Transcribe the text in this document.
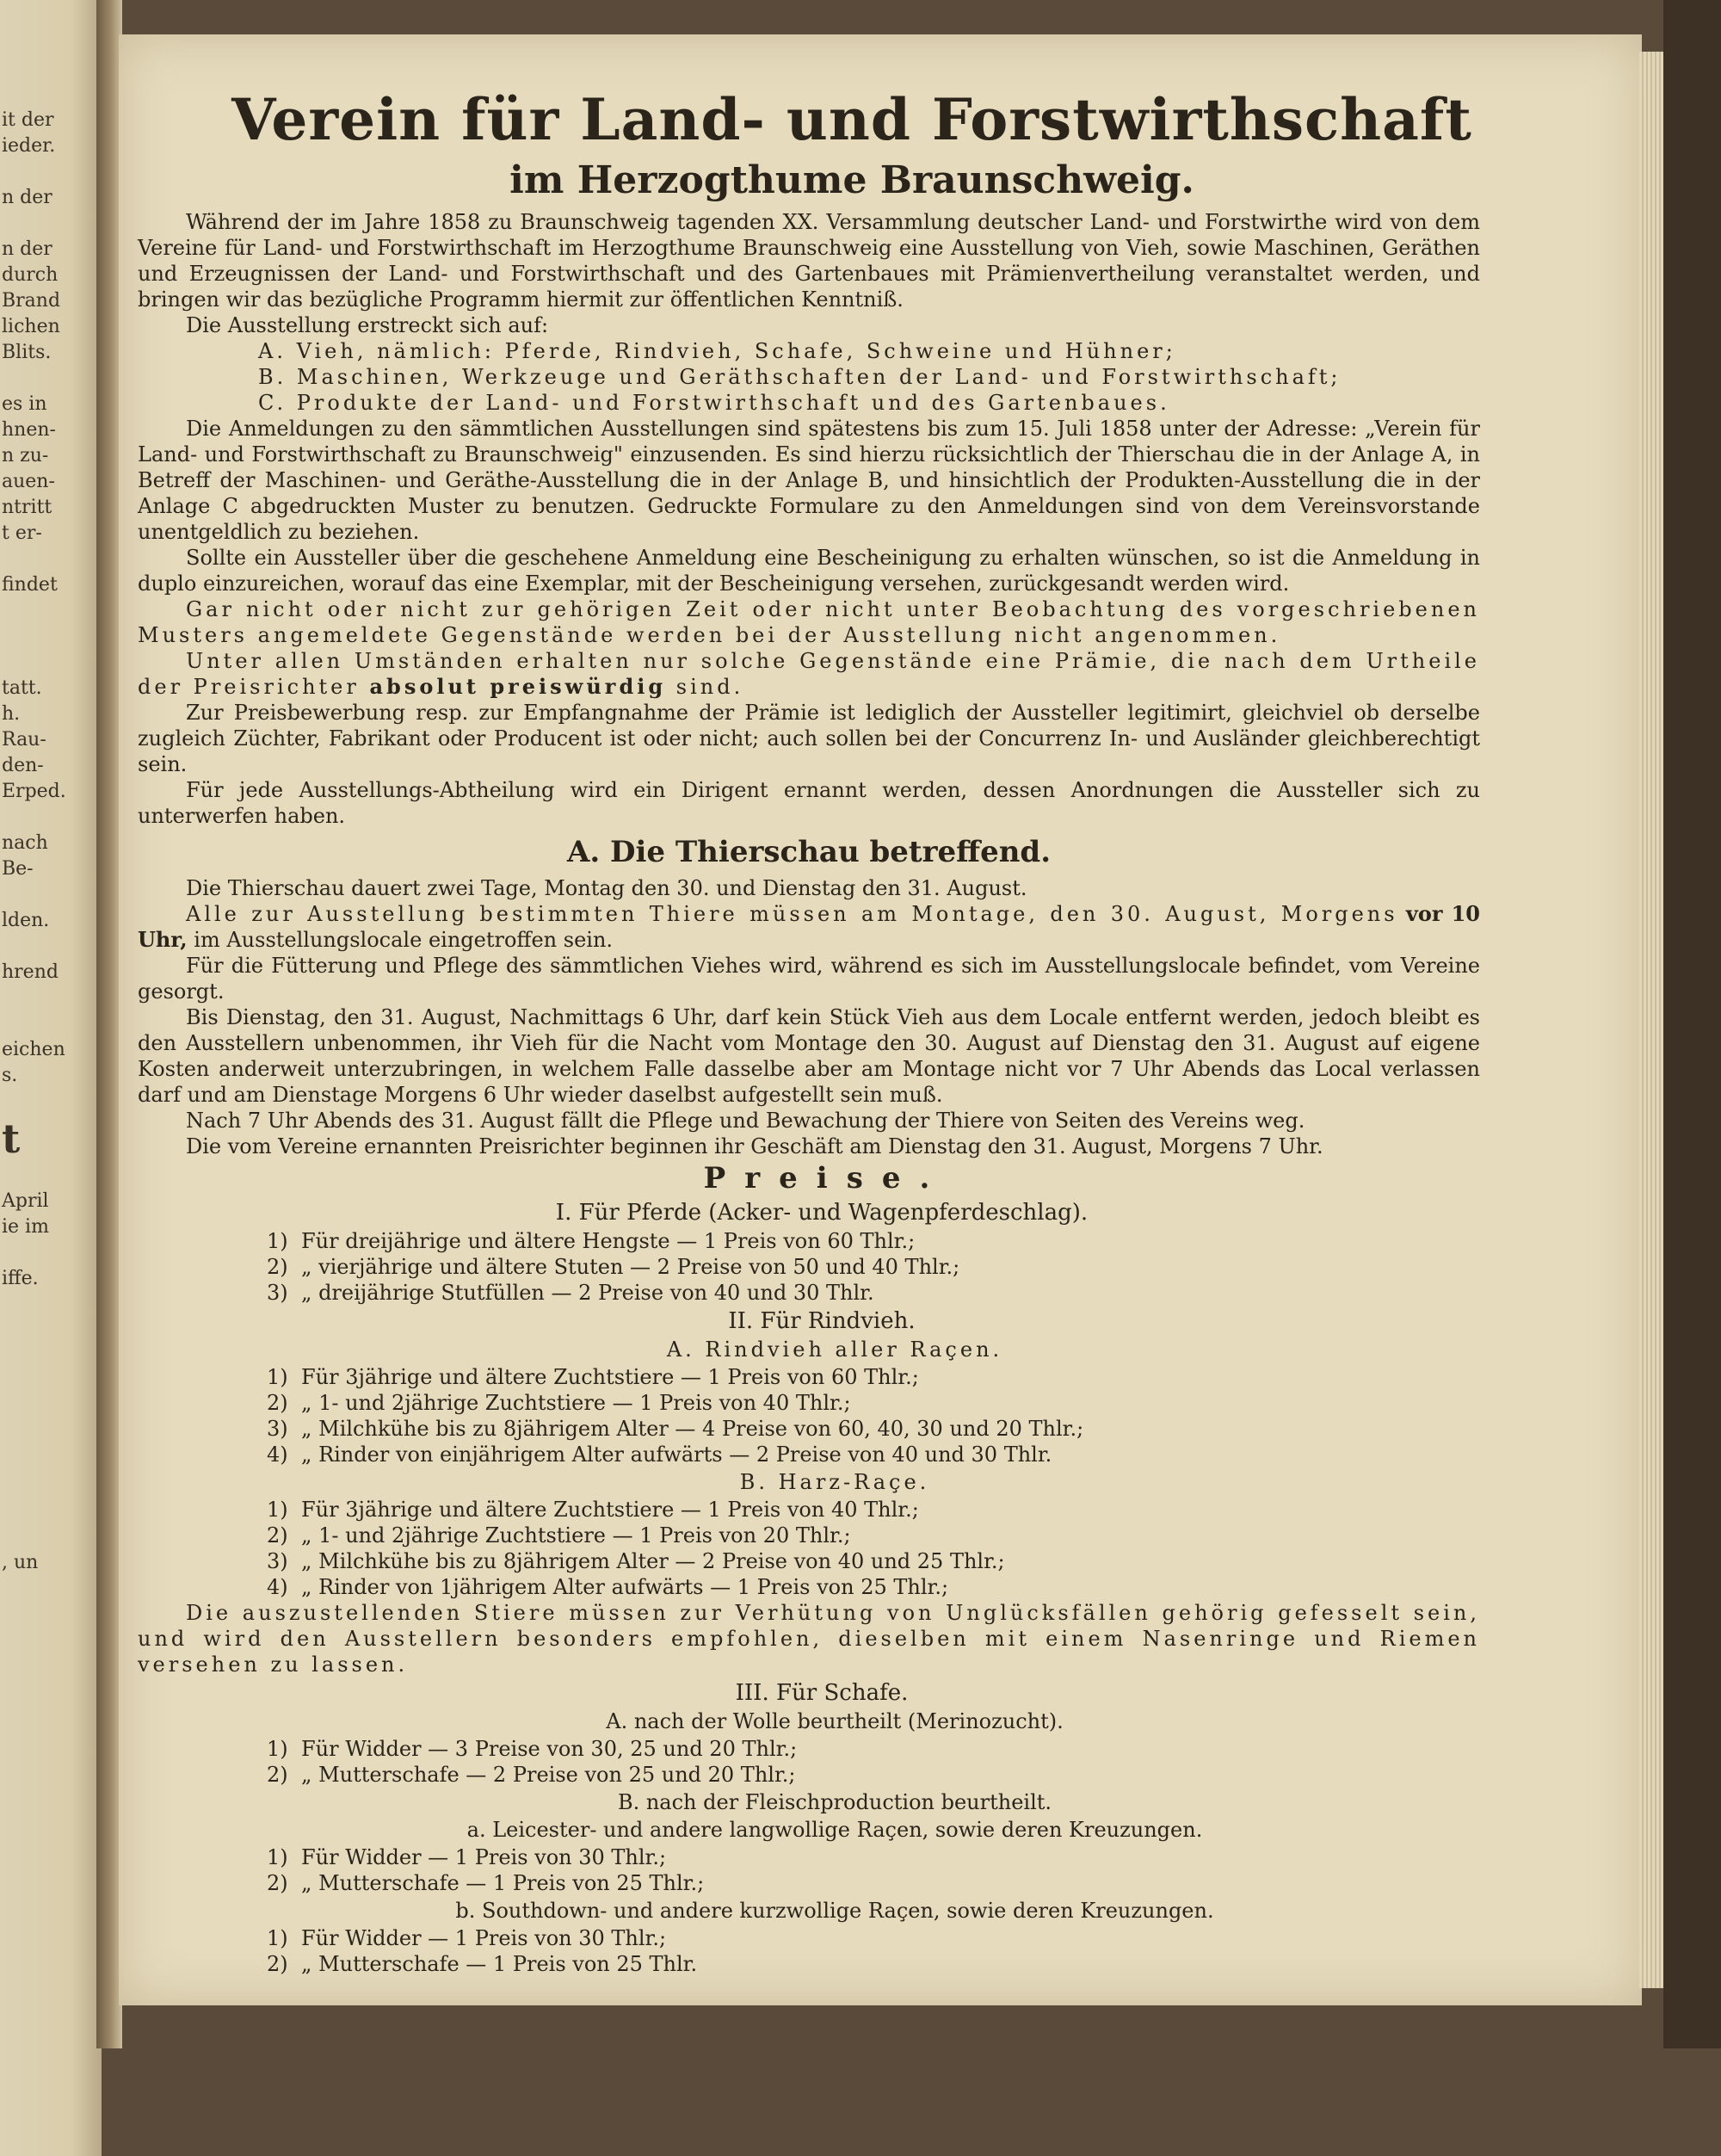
it der
ieder.

n der

n der
durch
Brand
lichen
Blits.

es in
hnen-
n zu-
auen-
ntritt
t er-

findet

tatt.
h.
Rau-
den-
Erped.

nach
Be-

lden.

hrend

eichen
s.

t

April
ie im

iffe.

, un
Verein für Land- und Forstwirthschaft
im Herzogthume Braunschweig.

Während der im Jahre 1858 zu Braunschweig tagenden XX. Versammlung deutscher Land- und Forstwirthe wird von dem Vereine für Land- und Forstwirthschaft im Herzogthume Braunschweig eine Ausstellung von Vieh, sowie Maschinen, Geräthen und Erzeugnissen der Land- und Forstwirthschaft und des Gartenbaues mit Prämienvertheilung veranstaltet werden, und bringen wir das bezügliche Programm hiermit zur öffentlichen Kenntniß.

Die Ausstellung erstreckt sich auf:

A. Vieh, nämlich: Pferde, Rindvieh, Schafe, Schweine und Hühner;
B. Maschinen, Werkzeuge und Geräthschaften der Land- und Forstwirthschaft;
C. Produkte der Land- und Forstwirthschaft und des Gartenbaues.

Die Anmeldungen zu den sämmtlichen Ausstellungen sind spätestens bis zum 15. Juli 1858 unter der Adresse: „Verein für Land- und Forstwirthschaft zu Braunschweig" einzusenden. Es sind hierzu rücksichtlich der Thierschau die in der Anlage A, in Betreff der Maschinen- und Geräthe-Ausstellung die in der Anlage B, und hinsichtlich der Produkten-Ausstellung die in der Anlage C abgedruckten Muster zu benutzen. Gedruckte Formulare zu den Anmeldungen sind von dem Vereinsvorstande unentgeldlich zu beziehen.

Sollte ein Aussteller über die geschehene Anmeldung eine Bescheinigung zu erhalten wünschen, so ist die Anmeldung in duplo einzureichen, worauf das eine Exemplar, mit der Bescheinigung versehen, zurückgesandt werden wird.

Gar nicht oder nicht zur gehörigen Zeit oder nicht unter Beobachtung des vorgeschriebenen Musters angemeldete Gegenstände werden bei der Ausstellung nicht angenommen.

Unter allen Umständen erhalten nur solche Gegenstände eine Prämie, die nach dem Urtheile der Preisrichter absolut preiswürdig sind.

Zur Preisbewerbung resp. zur Empfangnahme der Prämie ist lediglich der Aussteller legitimirt, gleichviel ob derselbe zugleich Züchter, Fabrikant oder Producent ist oder nicht; auch sollen bei der Concurrenz In- und Ausländer gleichberechtigt sein.

Für jede Ausstellungs-Abtheilung wird ein Dirigent ernannt werden, dessen Anordnungen die Aussteller sich zu unterwerfen haben.

A. Die Thierschau betreffend.

Die Thierschau dauert zwei Tage, Montag den 30. und Dienstag den 31. August.

Alle zur Ausstellung bestimmten Thiere müssen am Montage, den 30. August, Morgens vor 10 Uhr, im Ausstellungslocale eingetroffen sein.

Für die Fütterung und Pflege des sämmtlichen Viehes wird, während es sich im Ausstellungslocale befindet, vom Vereine gesorgt.

Bis Dienstag, den 31. August, Nachmittags 6 Uhr, darf kein Stück Vieh aus dem Locale entfernt werden, jedoch bleibt es den Ausstellern unbenommen, ihr Vieh für die Nacht vom Montage den 30. August auf Dienstag den 31. August auf eigene Kosten anderweit unterzubringen, in welchem Falle dasselbe aber am Montage nicht vor 7 Uhr Abends das Local verlassen darf und am Dienstage Morgens 6 Uhr wieder daselbst aufgestellt sein muß.

Nach 7 Uhr Abends des 31. August fällt die Pflege und Bewachung der Thiere von Seiten des Vereins weg.

Die vom Vereine ernannten Preisrichter beginnen ihr Geschäft am Dienstag den 31. August, Morgens 7 Uhr.

Preise.
I. Für Pferde (Acker- und Wagenpferdeschlag).
1) Für dreijährige und ältere Hengste — 1 Preis von 60 Thlr.;
2) „ vierjährige und ältere Stuten — 2 Preise von 50 und 40 Thlr.;
3) „ dreijährige Stutfüllen — 2 Preise von 40 und 30 Thlr.
II. Für Rindvieh.
A. Rindvieh aller Raçen.
1) Für 3jährige und ältere Zuchtstiere — 1 Preis von 60 Thlr.;
2) „ 1- und 2jährige Zuchtstiere — 1 Preis von 40 Thlr.;
3) „ Milchkühe bis zu 8jährigem Alter — 4 Preise von 60, 40, 30 und 20 Thlr.;
4) „ Rinder von einjährigem Alter aufwärts — 2 Preise von 40 und 30 Thlr.
B. Harz-Raçe.
1) Für 3jährige und ältere Zuchtstiere — 1 Preis von 40 Thlr.;
2) „ 1- und 2jährige Zuchtstiere — 1 Preis von 20 Thlr.;
3) „ Milchkühe bis zu 8jährigem Alter — 2 Preise von 40 und 25 Thlr.;
4) „ Rinder von 1jährigem Alter aufwärts — 1 Preis von 25 Thlr.;

Die auszustellenden Stiere müssen zur Verhütung von Unglücksfällen gehörig gefesselt sein, und wird den Ausstellern besonders empfohlen, dieselben mit einem Nasenringe und Riemen versehen zu lassen.

III. Für Schafe.
A. nach der Wolle beurtheilt (Merinozucht).
1) Für Widder — 3 Preise von 30, 25 und 20 Thlr.;
2) „ Mutterschafe — 2 Preise von 25 und 20 Thlr.;
B. nach der Fleischproduction beurtheilt.
a. Leicester- und andere langwollige Raçen, sowie deren Kreuzungen.
1) Für Widder — 1 Preis von 30 Thlr.;
2) „ Mutterschafe — 1 Preis von 25 Thlr.;
b. Southdown- und andere kurzwollige Raçen, sowie deren Kreuzungen.
1) Für Widder — 1 Preis von 30 Thlr.;
2) „ Mutterschafe — 1 Preis von 25 Thlr.
